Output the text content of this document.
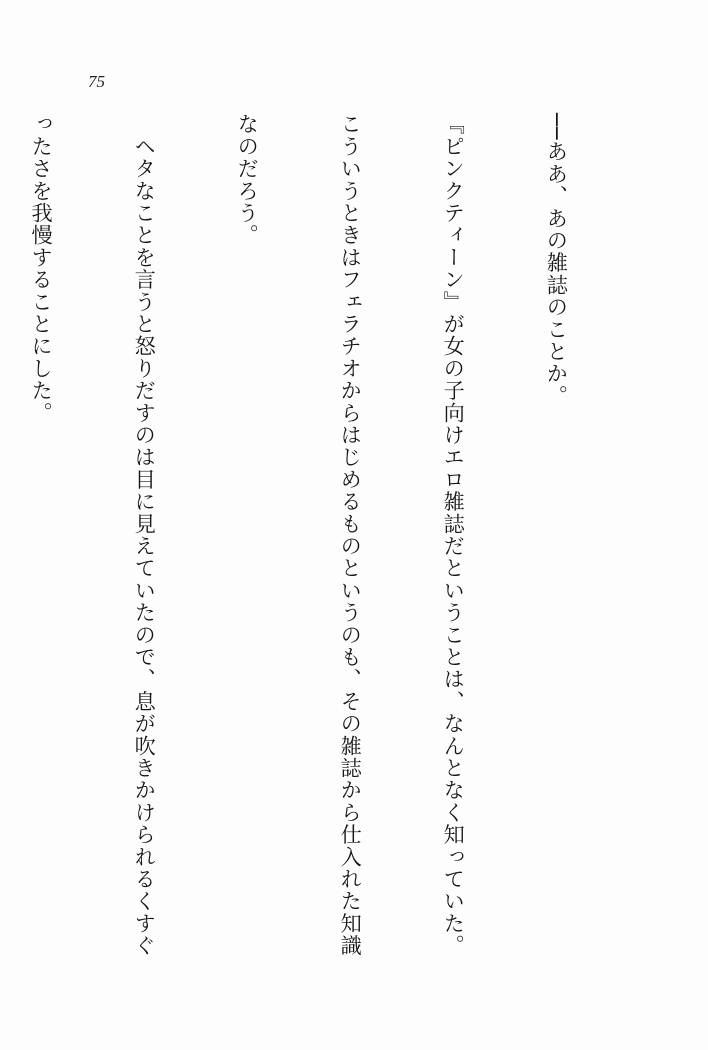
75

──ああ、あの雑誌のことか。

『ピンクティーン』が女の子向けエロ雑誌だということは、なんとなく知っていた。

こういうときはフェラチオからはじめるものというのも、その雑誌から仕入れた知識

なのだろう。

　ヘタなことを言うと怒りだすのは目に見えていたので、息が吹きかけられるくすぐ

ったさを我慢することにした。
